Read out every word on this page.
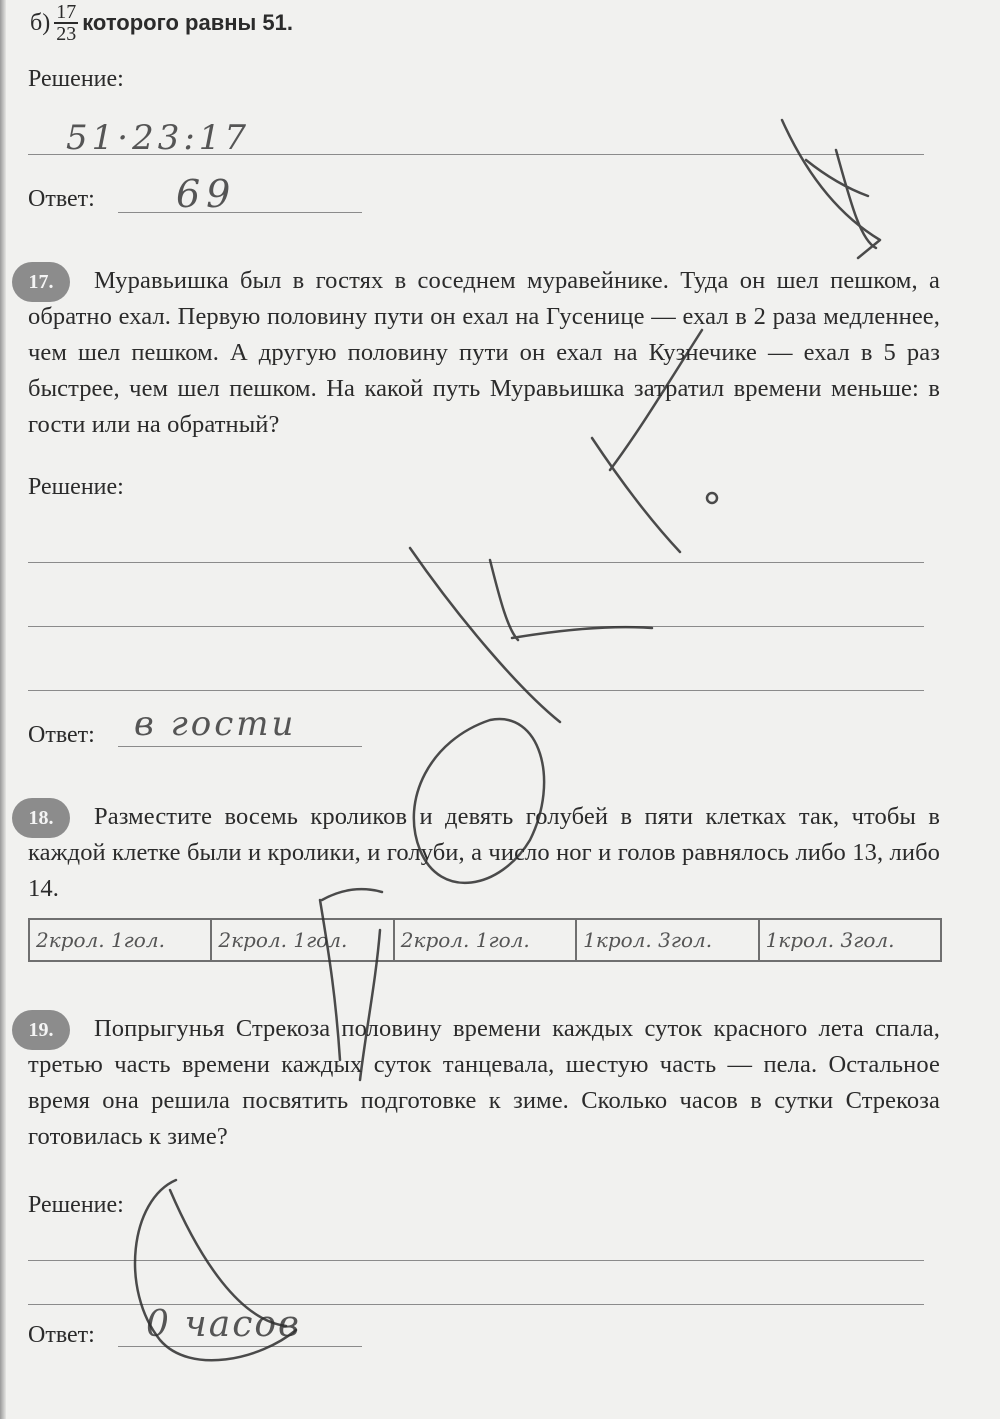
$б) \frac{17}{23}$ которого равны 51.
Решение:
51·23:17
Ответ: 69
17.	Муравьишка был в гостях в соседнем муравейнике. Туда он шел пешком, а обратно ехал. Первую половину пути он ехал на Гусенице — ехал в 2 раза медленнее, чем шел пешком. А другую половину пути он ехал на Кузнечике — ехал в 5 раз быстрее, чем шел пешком. На какой путь Муравьишка затратил времени меньше: в гости или на обратный?
Решение:
Ответ: в гости
18.	Разместите восемь кроликов и девять голубей в пяти клетках так, чтобы в каждой клетке были и кролики, и голуби, а число ног и голов равнялось либо 13, либо 14.
2крол. 1гол.	2крол. 1гол.	2крол. 1гол.	1крол. 3гол.	1крол. 3гол.
19.	Попрыгунья Стрекоза половину времени каждых суток красного лета спала, третью часть времени каждых суток танцевала, шестую часть — пела. Остальное время она решила посвятить подготовке к зиме. Сколько часов в сутки Стрекоза готовилась к зиме?
Решение:
Ответ: 0 часов
